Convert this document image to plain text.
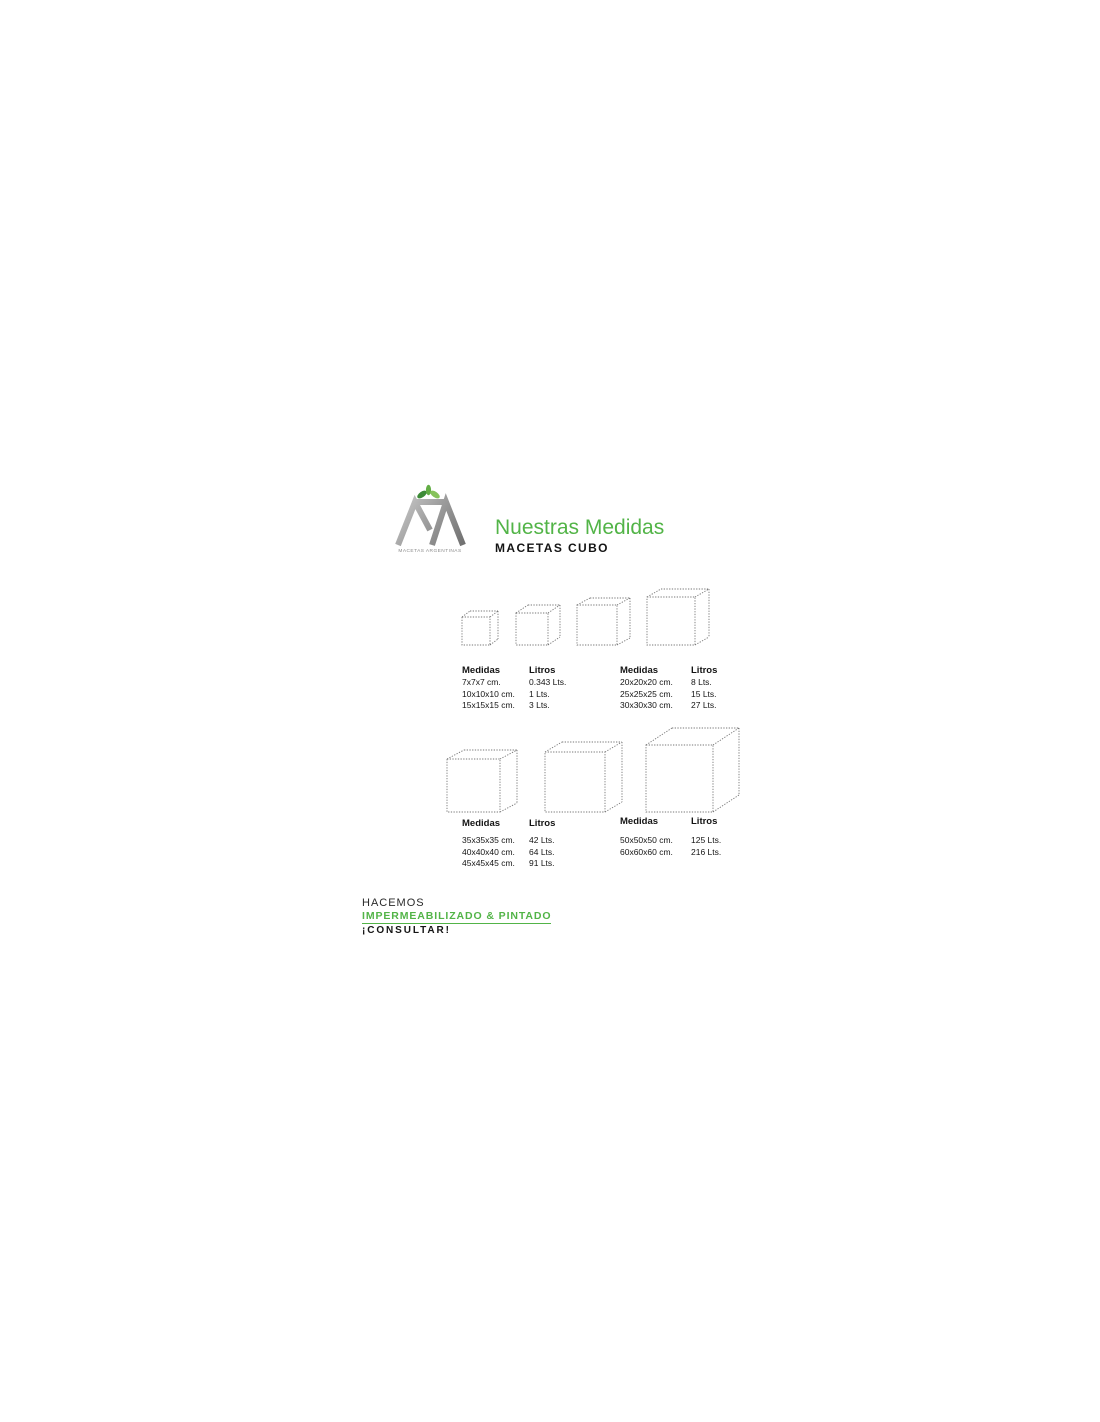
MACETAS ARGENTINAS
Nuestras Medidas
MACETAS CUBO
Medidas	Litros
7x7x7 cm.	0.343 Lts.
10x10x10 cm.	1 Lts.
15x15x15 cm.	3 Lts.
Medidas	Litros
20x20x20 cm.	8 Lts.
25x25x25 cm.	15 Lts.
30x30x30 cm.	27 Lts.
Medidas	Litros
35x35x35 cm.	42 Lts.
40x40x40 cm.	64 Lts.
45x45x45 cm.	91 Lts.
Medidas	Litros
50x50x50 cm.	125 Lts.
60x60x60 cm.	216 Lts.
HACEMOS
IMPERMEABILIZADO & PINTADO
¡CONSULTAR!
